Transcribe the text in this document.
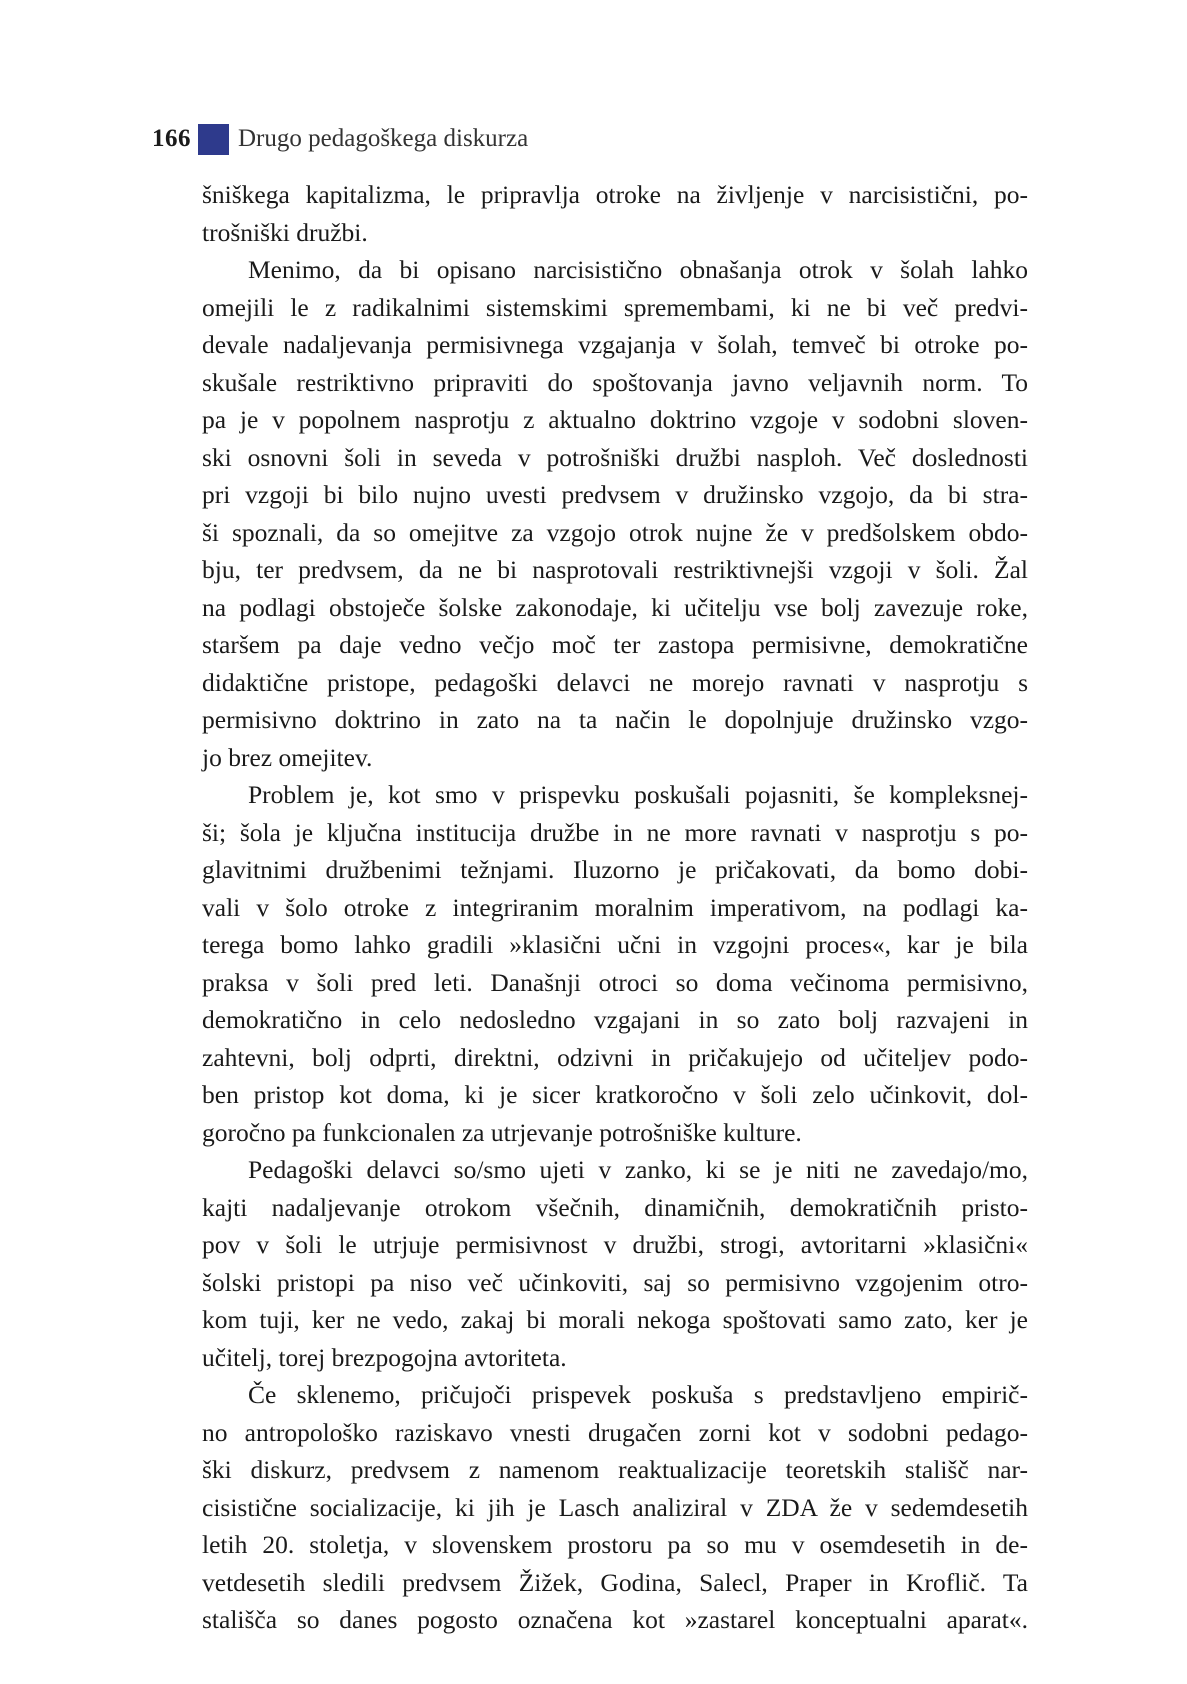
166 Drugo pedagoškega diskurza
šniškega kapitalizma, le pripravlja otroke na življenje v narcisistični, po-
trošniški družbi.
Menimo, da bi opisano narcisistično obnašanja otrok v šolah lahko
omejili le z radikalnimi sistemskimi spremembami, ki ne bi več predvi-
devale nadaljevanja permisivnega vzgajanja v šolah, temveč bi otroke po-
skušale restriktivno pripraviti do spoštovanja javno veljavnih norm. To
pa je v popolnem nasprotju z aktualno doktrino vzgoje v sodobni sloven-
ski osnovni šoli in seveda v potrošniški družbi nasploh. Več doslednosti
pri vzgoji bi bilo nujno uvesti predvsem v družinsko vzgojo, da bi stra-
ši spoznali, da so omejitve za vzgojo otrok nujne že v predšolskem obdo-
bju, ter predvsem, da ne bi nasprotovali restriktivnejši vzgoji v šoli. Žal
na podlagi obstoječe šolske zakonodaje, ki učitelju vse bolj zavezuje roke,
staršem pa daje vedno večjo moč ter zastopa permisivne, demokratične
didaktične pristope, pedagoški delavci ne morejo ravnati v nasprotju s
permisivno doktrino in zato na ta način le dopolnjuje družinsko vzgo-
jo brez omejitev.
Problem je, kot smo v prispevku poskušali pojasniti, še kompleksnej-
ši; šola je ključna institucija družbe in ne more ravnati v nasprotju s po-
glavitnimi družbenimi težnjami. Iluzorno je pričakovati, da bomo dobi-
vali v šolo otroke z integriranim moralnim imperativom, na podlagi ka-
terega bomo lahko gradili »klasični učni in vzgojni proces«, kar je bila
praksa v šoli pred leti. Današnji otroci so doma večinoma permisivno,
demokratično in celo nedosledno vzgajani in so zato bolj razvajeni in
zahtevni, bolj odprti, direktni, odzivni in pričakujejo od učiteljev podo-
ben pristop kot doma, ki je sicer kratkoročno v šoli zelo učinkovit, dol-
goročno pa funkcionalen za utrjevanje potrošniške kulture.
Pedagoški delavci so/smo ujeti v zanko, ki se je niti ne zavedajo/mo,
kajti nadaljevanje otrokom všečnih, dinamičnih, demokratičnih pristo-
pov v šoli le utrjuje permisivnost v družbi, strogi, avtoritarni »klasični«
šolski pristopi pa niso več učinkoviti, saj so permisivno vzgojenim otro-
kom tuji, ker ne vedo, zakaj bi morali nekoga spoštovati samo zato, ker je
učitelj, torej brezpogojna avtoriteta.
Če sklenemo, pričujoči prispevek poskuša s predstavljeno empirič-
no antropološko raziskavo vnesti drugačen zorni kot v sodobni pedago-
ški diskurz, predvsem z namenom reaktualizacije teoretskih stališč nar-
cisistične socializacije, ki jih je Lasch analiziral v ZDA že v sedemdesetih
letih 20. stoletja, v slovenskem prostoru pa so mu v osemdesetih in de-
vetdesetih sledili predvsem Žižek, Godina, Salecl, Praper in Kroflič. Ta
stališča so danes pogosto označena kot »zastarel konceptualni aparat«.
